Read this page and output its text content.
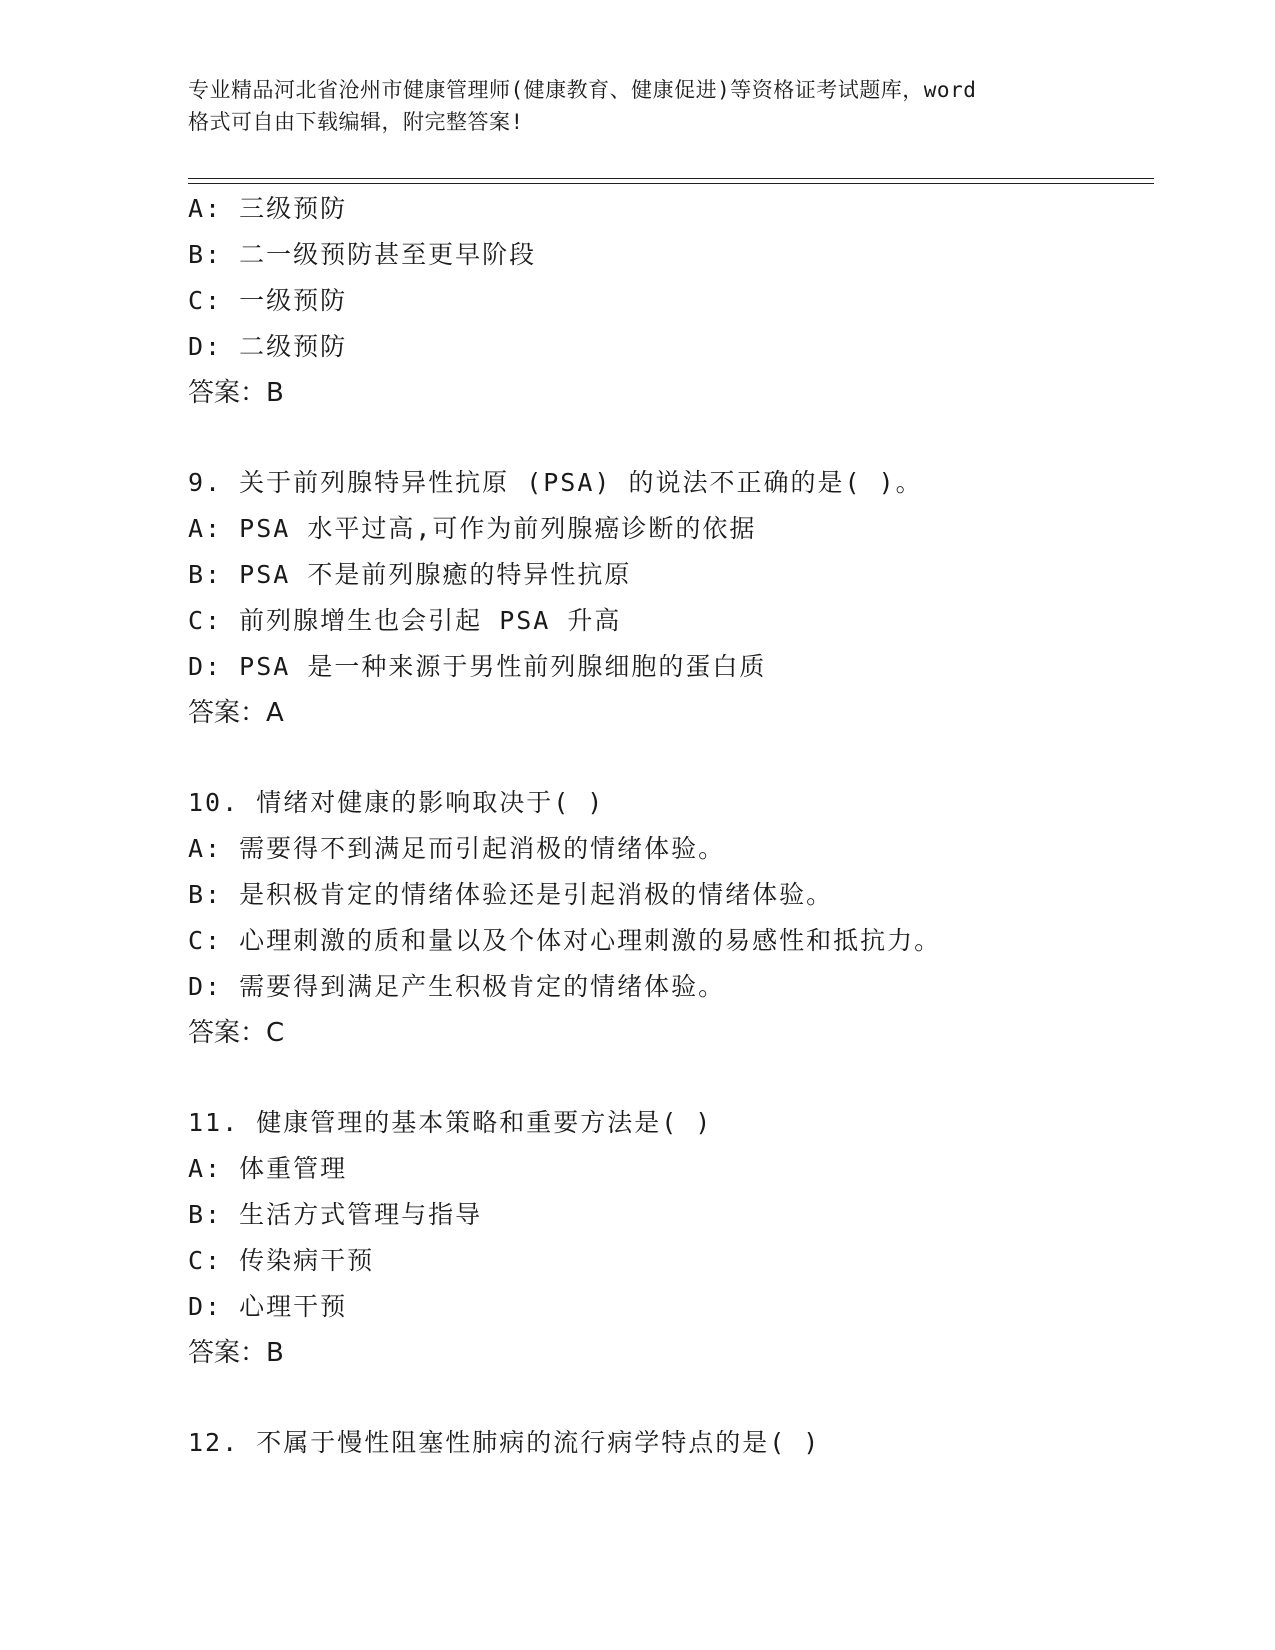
专业精品河北省沧州市健康管理师(健康教育、健康促进)等资格证考试题库，word
格式可自由下载编辑，附完整答案!
A: 三级预防
B: 二一级预防甚至更早阶段
C: 一级预防
D: 二级预防
答案：B
9. 关于前列腺特异性抗原 (PSA) 的说法不正确的是( )。
A: PSA 水平过高,可作为前列腺癌诊断的依据
B: PSA 不是前列腺癒的特异性抗原
C: 前列腺增生也会引起 PSA 升高
D: PSA 是一种来源于男性前列腺细胞的蛋白质
答案：A
10. 情绪对健康的影响取决于( )
A: 需要得不到满足而引起消极的情绪体验。
B: 是积极肯定的情绪体验还是引起消极的情绪体验。
C: 心理刺激的质和量以及个体对心理刺激的易感性和抵抗力。
D: 需要得到满足产生积极肯定的情绪体验。
答案：C
11. 健康管理的基本策略和重要方法是( )
A: 体重管理
B: 生活方式管理与指导
C: 传染病干预
D: 心理干预
答案：B
12. 不属于慢性阻塞性肺病的流行病学特点的是( )
